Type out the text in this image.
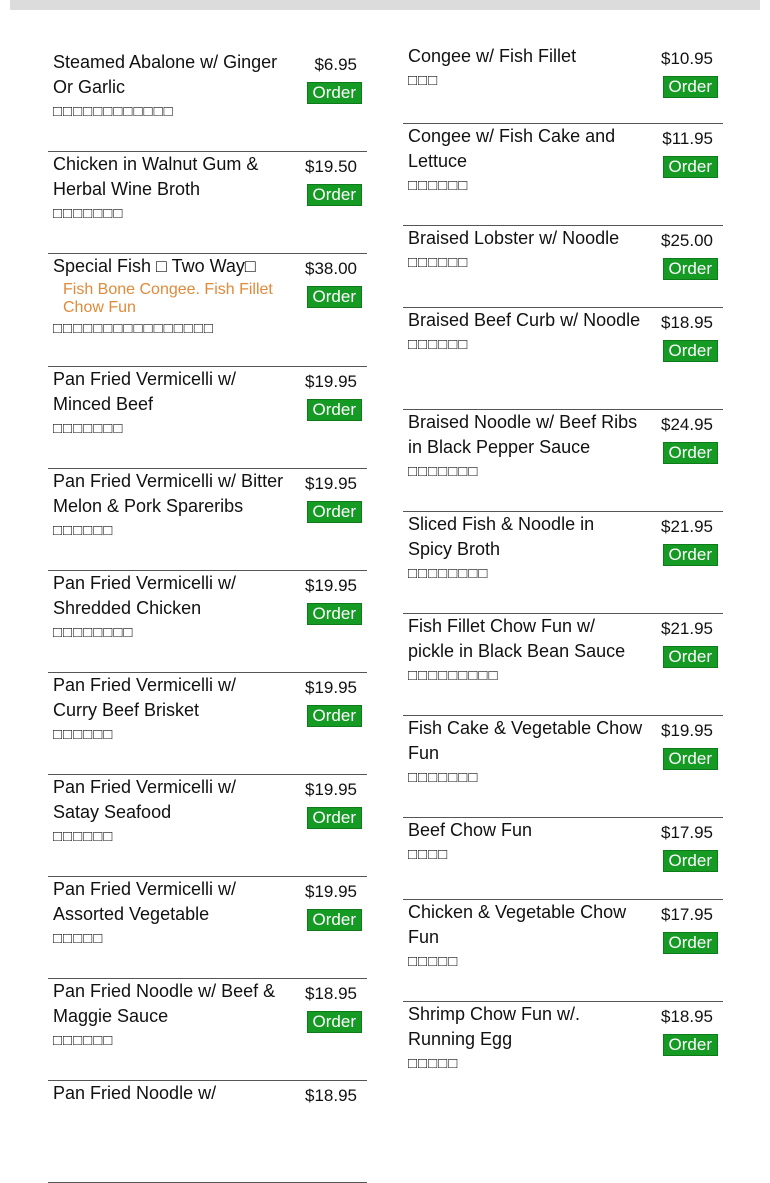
Steamed Abalone w/ Ginger Or Garlic
□□□□□□□□□□□□
$6.95
Order
Chicken in Walnut Gum & Herbal Wine Broth
□□□□□□□
$19.50
Order
Special Fish □ Two Way□
Fish Bone Congee. Fish Fillet Chow Fun
□□□□□□□□□□□□□□□□
$38.00
Order
Pan Fried Vermicelli w/ Minced Beef
□□□□□□□
$19.95
Order
Pan Fried Vermicelli w/ Bitter Melon & Pork Spareribs
□□□□□□
$19.95
Order
Pan Fried Vermicelli w/ Shredded Chicken
□□□□□□□□
$19.95
Order
Pan Fried Vermicelli w/ Curry Beef Brisket
□□□□□□
$19.95
Order
Pan Fried Vermicelli w/ Satay Seafood
□□□□□□
$19.95
Order
Pan Fried Vermicelli w/ Assorted Vegetable
□□□□□
$19.95
Order
Pan Fried Noodle w/ Beef & Maggie Sauce
□□□□□□
$18.95
Order
Pan Fried Noodle w/	$18.95
Congee w/ Fish Fillet
□□□
$10.95
Order
Congee w/ Fish Cake and Lettuce
□□□□□□
$11.95
Order
Braised Lobster w/ Noodle
□□□□□□
$25.00
Order
Braised Beef Curb w/ Noodle
□□□□□□
$18.95
Order
Braised Noodle w/ Beef Ribs in Black Pepper Sauce
□□□□□□□
$24.95
Order
Sliced Fish & Noodle in Spicy Broth
□□□□□□□□
$21.95
Order
Fish Fillet Chow Fun w/ pickle in Black Bean Sauce
□□□□□□□□□
$21.95
Order
Fish Cake & Vegetable Chow Fun
□□□□□□□
$19.95
Order
Beef Chow Fun
□□□□
$17.95
Order
Chicken & Vegetable Chow Fun
□□□□□
$17.95
Order
Shrimp Chow Fun w/. Running Egg
□□□□□
$18.95
Order
